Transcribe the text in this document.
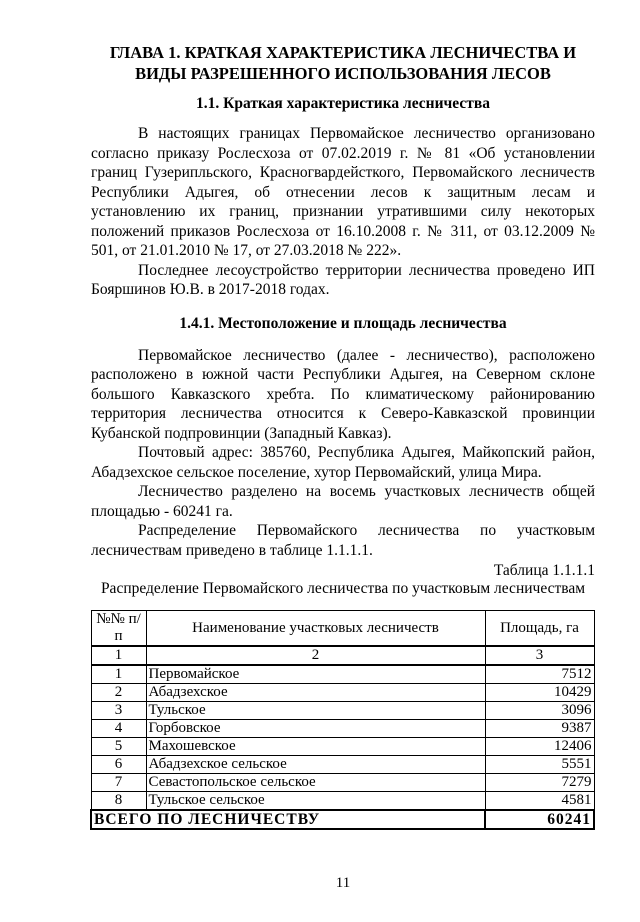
ГЛАВА 1. КРАТКАЯ ХАРАКТЕРИСТИКА ЛЕСНИЧЕСТВА И ВИДЫ РАЗРЕШЕННОГО ИСПОЛЬЗОВАНИЯ ЛЕСОВ
1.1. Краткая характеристика лесничества

В настоящих границах Первомайское лесничество организовано согласно приказу Рослесхоза от 07.02.2019 г. № 81 «Об установлении границ Гузерипльского, Красногвардейсткого, Первомайского лесничеств Республики Адыгея, об отнесении лесов к защитным лесам и установлению их границ, признании утратившими силу некоторых положений приказов Рослесхоза от 16.10.2008 г. № 311, от 03.12.2009 № 501, от 21.01.2010 № 17, от 27.03.2018 № 222».

Последнее лесоустройство территории лесничества проведено ИП Бояршинов Ю.В. в 2017-2018 годах.

1.4.1. Местоположение и площадь лесничества

Первомайское лесничество (далее - лесничество), расположено расположено в южной части Республики Адыгея, на Северном склоне большого Кавказского хребта. По климатическому районированию территория лесничества относится к Северо-Кавказской провинции Кубанской подпровинции (Западный Кавказ).

Почтовый адрес: 385760, Республика Адыгея, Майкопский район, Абадзехское сельское поселение, хутор Первомайский, улица Мира.

Лесничество разделено на восемь участковых лесничеств общей площадью - 60241 га.

Распределение Первомайского лесничества по участковым лесничествам приведено в таблице 1.1.1.1.

Таблица 1.1.1.1
Распределение Первомайского лесничества по участковым лесничествам
№№ п/п	Наименование участковых лесничеств	Площадь, га
1	2	3
1	Первомайское	7512
2	Абадзехское	10429
3	Тульское	3096
4	Горбовское	9387
5	Махошевское	12406
6	Абадзехское сельское	5551
7	Севастопольское сельское	7279
8	Тульское сельское	4581
ВСЕГО ПО ЛЕСНИЧЕСТВУ		60241
11
